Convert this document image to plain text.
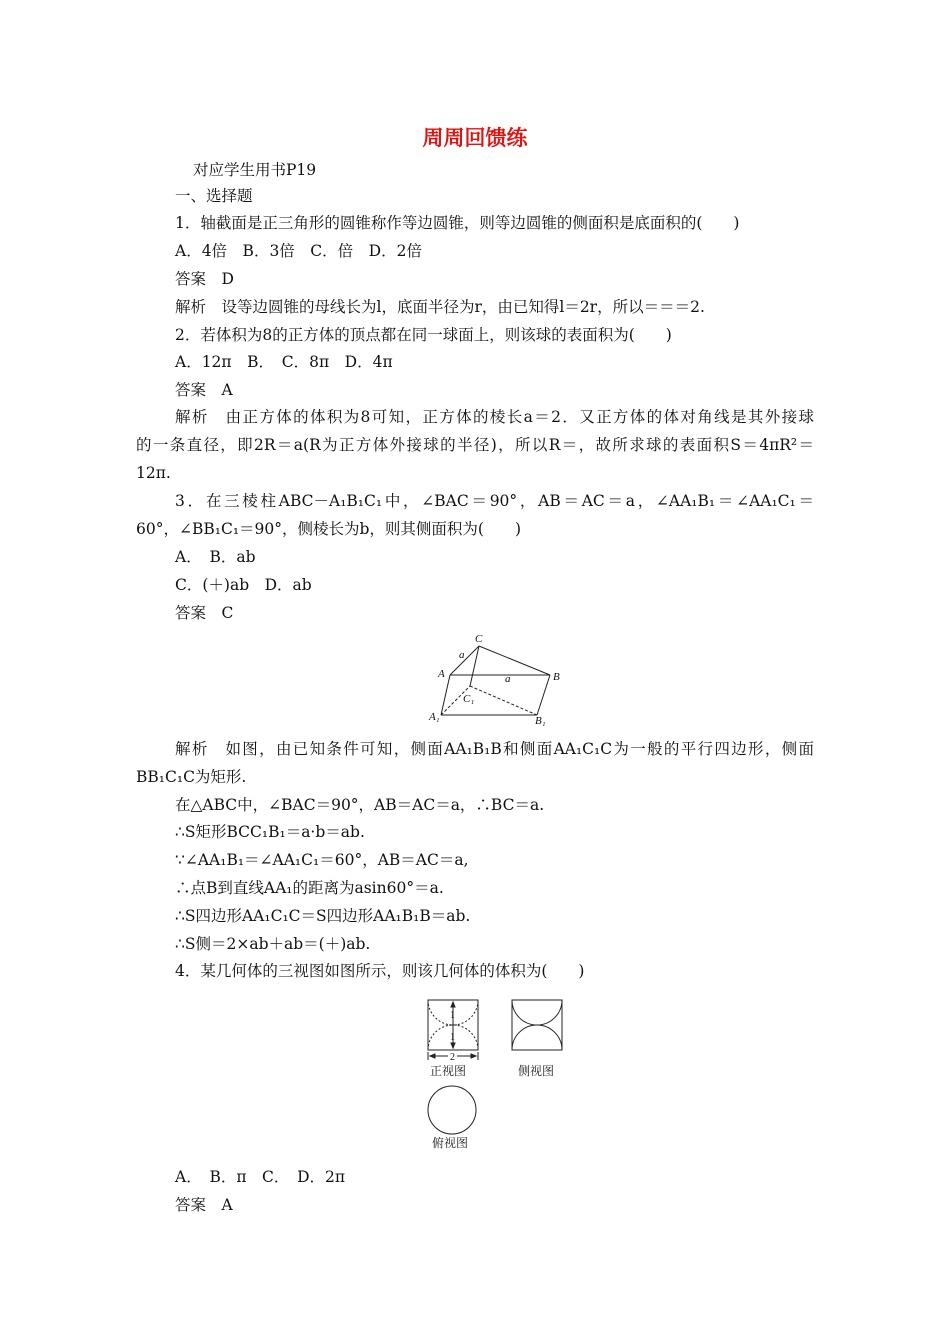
周周回馈练
对应学生用书P19
一、选择题
1．轴截面是正三角形的圆锥称作等边圆锥，则等边圆锥的侧面积是底面积的(　　)
A．4倍　B．3倍　C．倍　D．2倍
答案　D
解析　设等边圆锥的母线长为l，底面半径为r，由已知得l＝2r，所以＝＝＝2.
2．若体积为8的正方体的顶点都在同一球面上，则该球的表面积为(　　)
A．12π　B．　C．8π　D．4π
答案　A
解析　由正方体的体积为8可知，正方体的棱长a＝2．又正方体的体对角线是其外接球
的一条直径，即2R＝a(R为正方体外接球的半径)，所以R＝，故所求球的表面积S＝4πR²＝
12π.
3．在三棱柱ABC－A₁B₁C₁中，∠BAC＝90°，AB＝AC＝a，∠AA₁B₁＝∠AA₁C₁＝
60°，∠BB₁C₁＝90°，侧棱长为b，则其侧面积为(　　)
A．　B．ab
C．(＋)ab　D．ab
答案　C
C
A	B
A₁	B₁
C₁
a
a
解析　如图，由已知条件可知，侧面AA₁B₁B和侧面AA₁C₁C为一般的平行四边形，侧面
BB₁C₁C为矩形.
在△ABC中，∠BAC＝90°，AB＝AC＝a，∴BC＝a.
∴S矩形BCC₁B₁＝a·b＝ab.
∵∠AA₁B₁＝∠AA₁C₁＝60°，AB＝AC＝a,
∴点B到直线AA₁的距离为asin60°＝a.
∴S四边形AA₁C₁C＝S四边形AA₁B₁B＝ab.
∴S侧＝2×ab＋ab＝(＋)ab.
4．某几何体的三视图如图所示，则该几何体的体积为(　　)
1
1
2
正视图	侧视图
俯视图
A．　B．π　C．　D．2π
答案　A
